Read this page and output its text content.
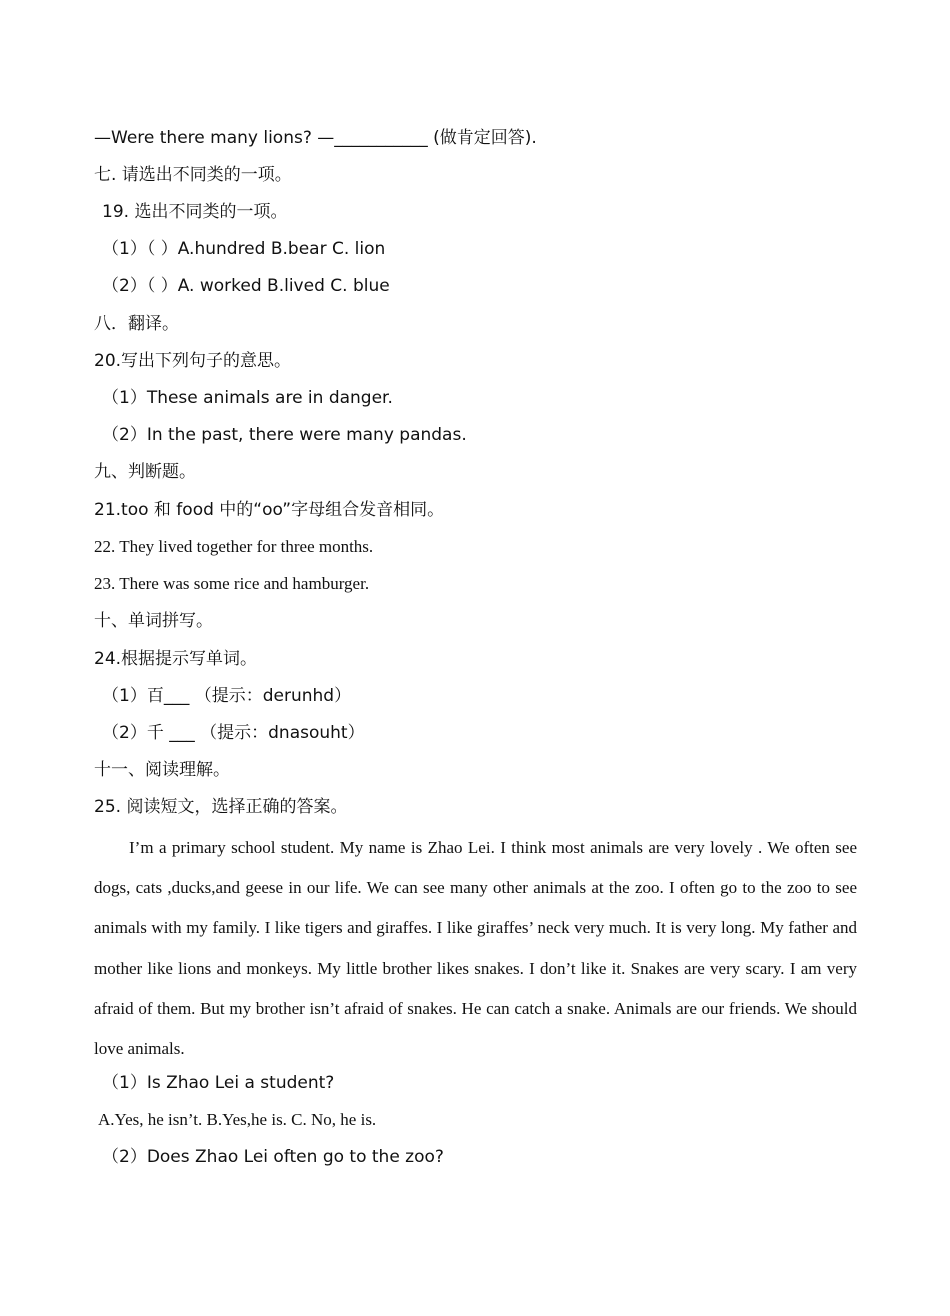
—Were there many lions? —___________ (做肯定回答).
七. 请选出不同类的一项。
19. 选出不同类的一项。
（1）（ ）A.hundred B.bear C. lion
（2）（ ）A. worked B.lived C. blue
八．翻译。
20.写出下列句子的意思。
（1）These animals are in danger.
（2）In the past, there were many pandas.
九、判断题。
21.too 和 food 中的“oo”字母组合发音相同。
22. They lived together for three months.
23. There was some rice and hamburger.
十、单词拼写。
24.根据提示写单词。
（1）百___ （提示：derunhd）
（2）千 ___ （提示：dnasouht）
十一、阅读理解。
25. 阅读短文，选择正确的答案。
I’m a primary school student. My name is Zhao Lei. I think most animals are very lovely . We often see dogs, cats ,ducks,and geese in our life. We can see many other animals at the zoo. I often go to the zoo to see animals with my family. I like tigers and giraffes. I like giraffes’ neck very much. It is very long. My father and mother like lions and monkeys. My little brother likes snakes. I don’t like it. Snakes are very scary. I am very afraid of them. But my brother isn’t afraid of snakes. He can catch a snake. Animals are our friends. We should love animals.
（1）Is Zhao Lei a student?
A.Yes, he isn’t. B.Yes,he is. C. No, he is.
（2）Does Zhao Lei often go to the zoo?
